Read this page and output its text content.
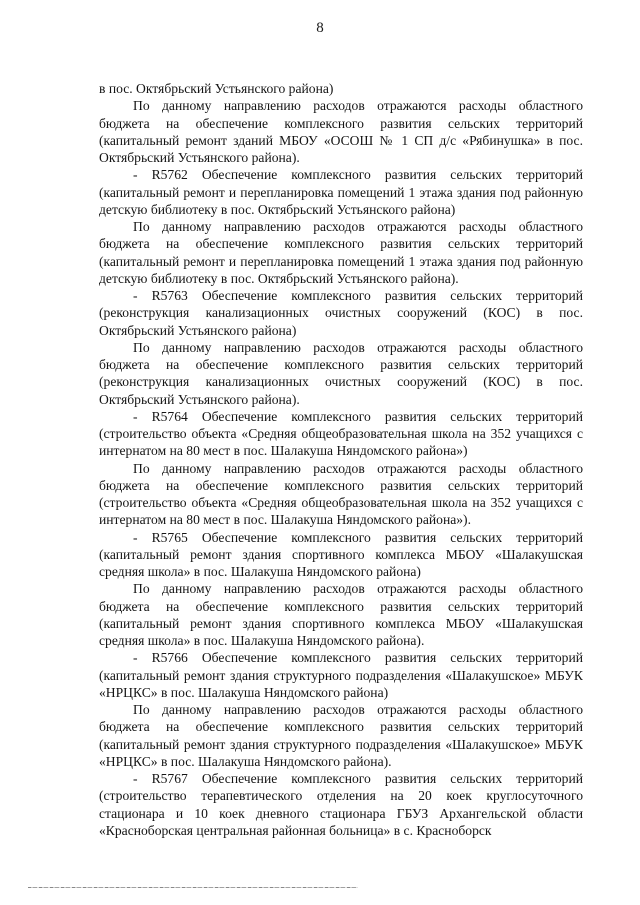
8

в пос. Октябрьский Устьянского района)

По данному направлению расходов отражаются расходы областного бюджета на обеспечение комплексного развития сельских территорий (капитальный ремонт зданий МБОУ «ОСОШ № 1 СП д/с «Рябинушка» в пос. Октябрьский Устьянского района).

- R5762 Обеспечение комплексного развития сельских территорий (капитальный ремонт и перепланировка помещений 1 этажа здания под районную детскую библиотеку в пос. Октябрьский Устьянского района)

По данному направлению расходов отражаются расходы областного бюджета на обеспечение комплексного развития сельских территорий (капитальный ремонт и перепланировка помещений 1 этажа здания под районную детскую библиотеку в пос. Октябрьский Устьянского района).

- R5763 Обеспечение комплексного развития сельских территорий (реконструкция канализационных очистных сооружений (КОС) в пос. Октябрьский Устьянского района)

По данному направлению расходов отражаются расходы областного бюджета на обеспечение комплексного развития сельских территорий (реконструкция канализационных очистных сооружений (КОС) в пос. Октябрьский Устьянского района).

- R5764 Обеспечение комплексного развития сельских территорий (строительство объекта «Средняя общеобразовательная школа на 352 учащихся с интернатом на 80 мест в пос. Шалакуша Няндомского района»)

По данному направлению расходов отражаются расходы областного бюджета на обеспечение комплексного развития сельских территорий (строительство объекта «Средняя общеобразовательная школа на 352 учащихся с интернатом на 80 мест в пос. Шалакуша Няндомского района»).

- R5765 Обеспечение комплексного развития сельских территорий (капитальный ремонт здания спортивного комплекса МБОУ «Шалакушская средняя школа» в пос. Шалакуша Няндомского района)

По данному направлению расходов отражаются расходы областного бюджета на обеспечение комплексного развития сельских территорий (капитальный ремонт здания спортивного комплекса МБОУ «Шалакушская средняя школа» в пос. Шалакуша Няндомского района).

- R5766 Обеспечение комплексного развития сельских территорий (капитальный ремонт здания структурного подразделения «Шалакушское» МБУК «НРЦКС» в пос. Шалакуша Няндомского района)

По данному направлению расходов отражаются расходы областного бюджета на обеспечение комплексного развития сельских территорий (капитальный ремонт здания структурного подразделения «Шалакушское» МБУК «НРЦКС» в пос. Шалакуша Няндомского района).

- R5767 Обеспечение комплексного развития сельских территорий (строительство терапевтического отделения на 20 коек круглосуточного стационара и 10 коек дневного стационара ГБУЗ Архангельской области «Красноборская центральная районная больница» в с. Красноборск
